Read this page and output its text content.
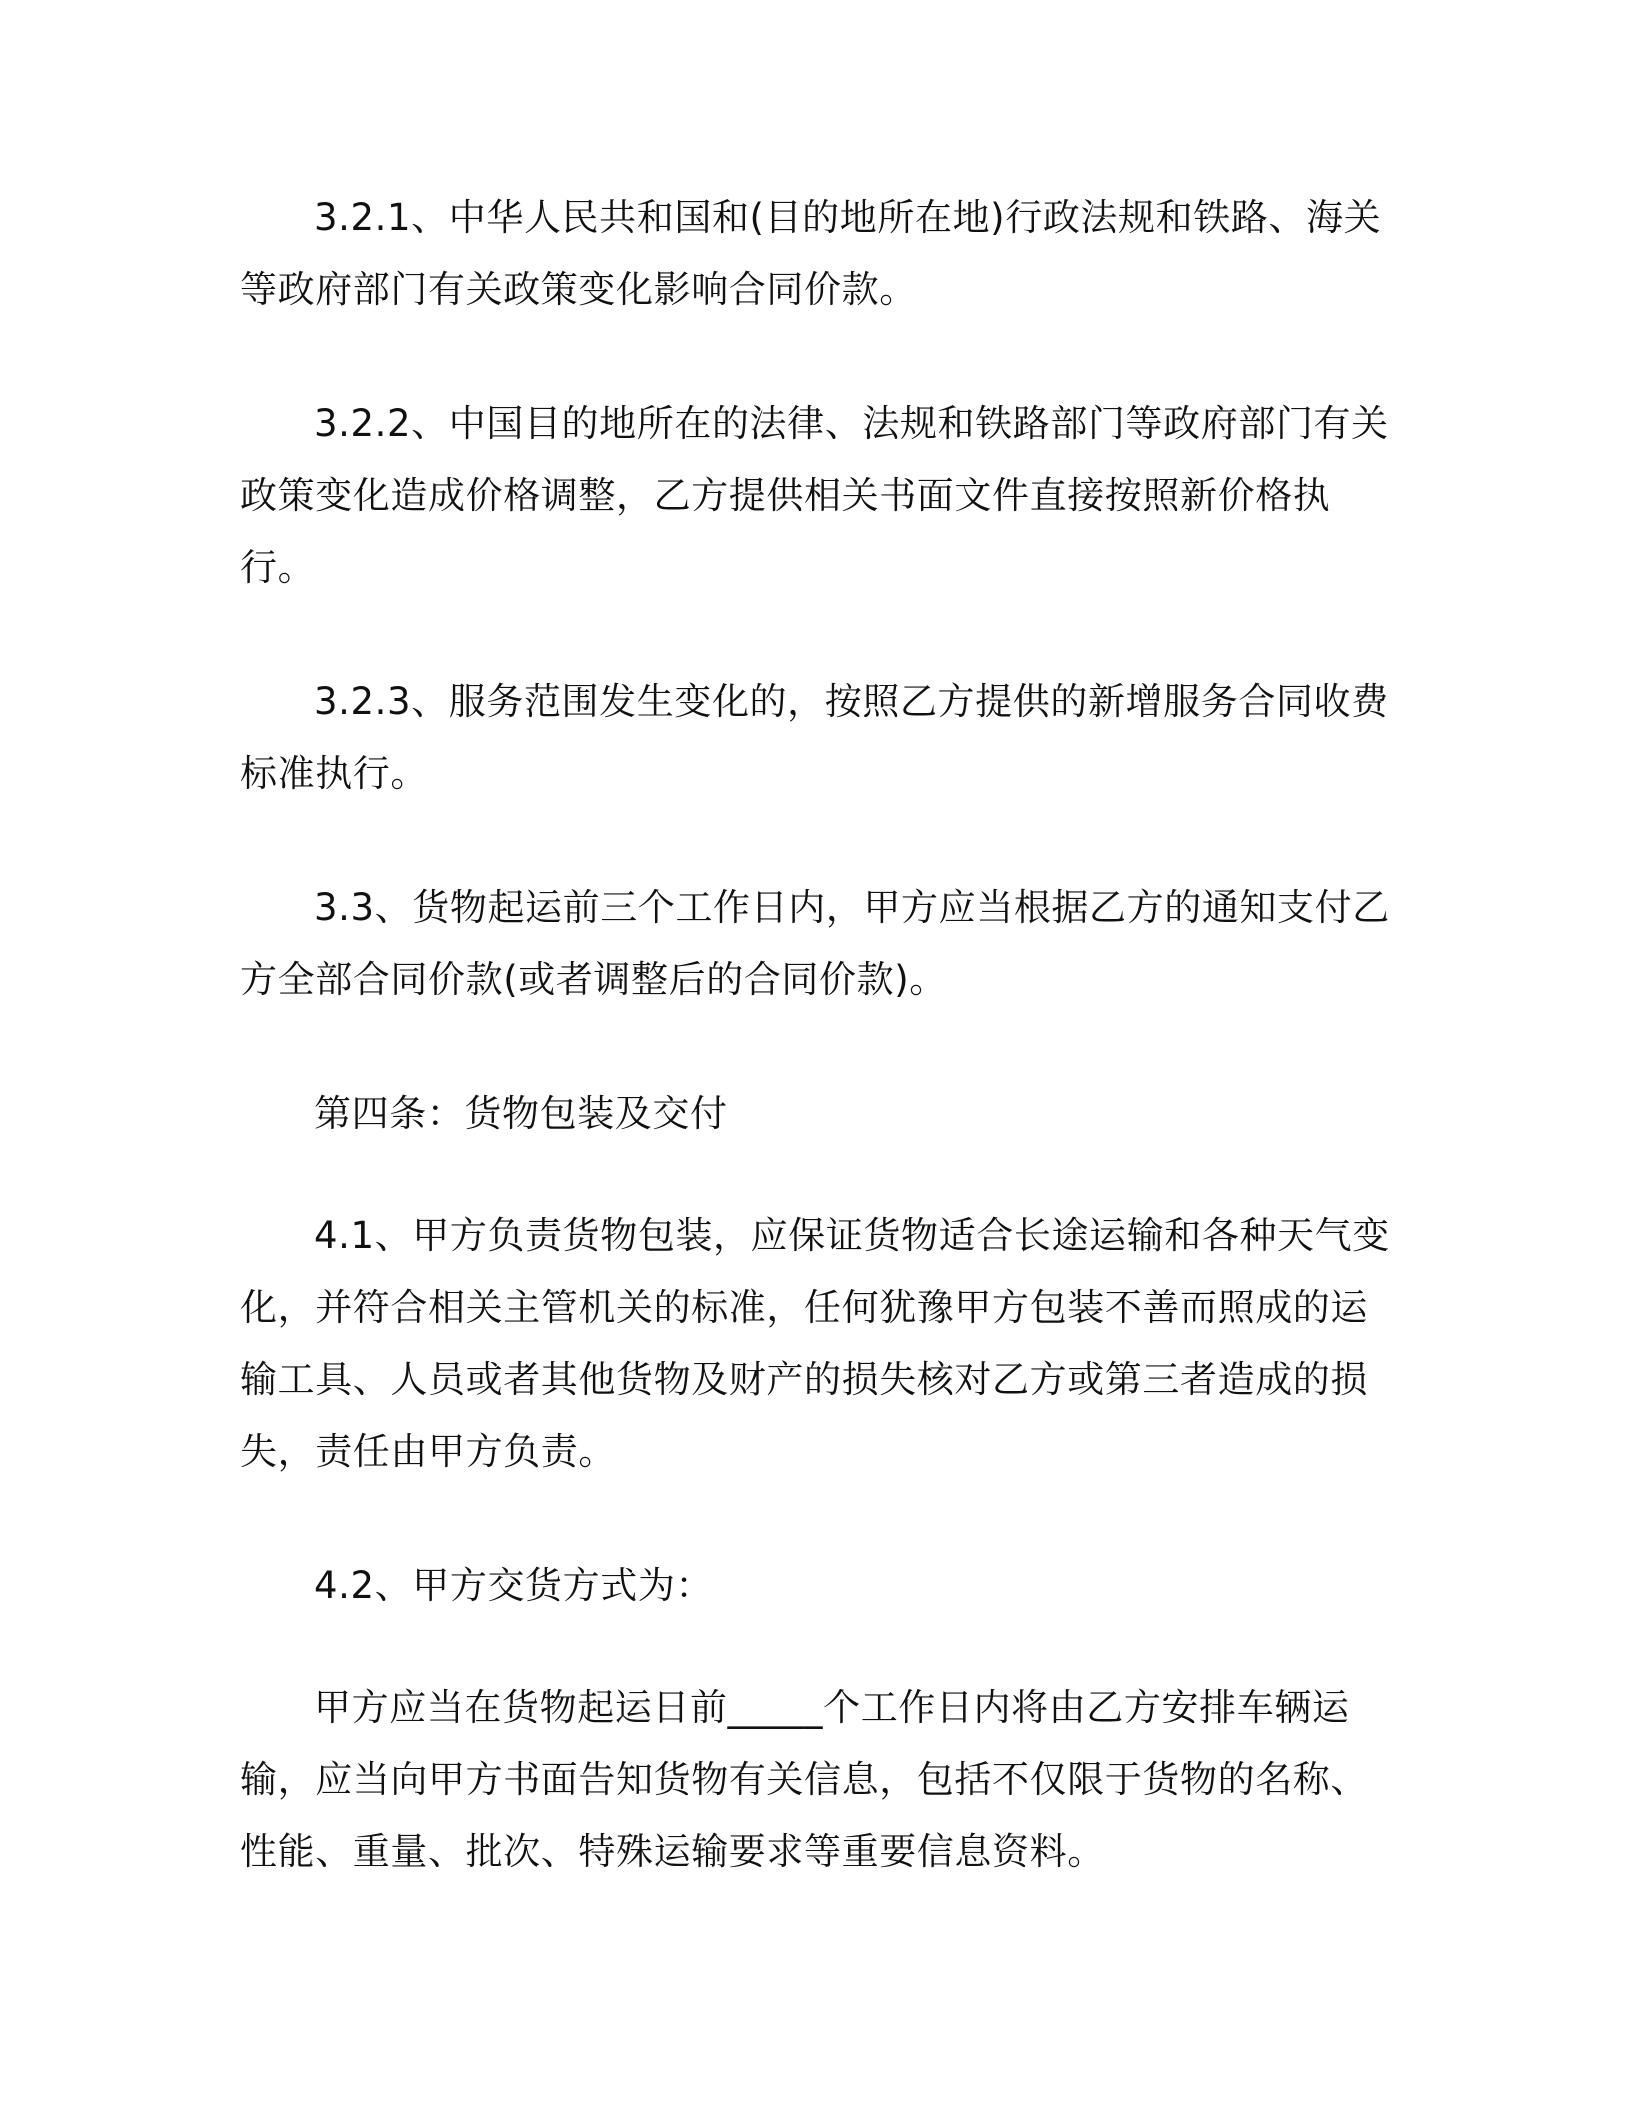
3.2.1、中华人民共和国和(目的地所在地)行政法规和铁路、海关等政府部门有关政策变化影响合同价款。

3.2.2、中国目的地所在的法律、法规和铁路部门等政府部门有关政策变化造成价格调整，乙方提供相关书面文件直接按照新价格执行。

3.2.3、服务范围发生变化的，按照乙方提供的新增服务合同收费标准执行。

3.3、货物起运前三个工作日内，甲方应当根据乙方的通知支付乙方全部合同价款(或者调整后的合同价款)。

第四条：货物包装及交付

4.1、甲方负责货物包装，应保证货物适合长途运输和各种天气变化，并符合相关主管机关的标准，任何犹豫甲方包装不善而照成的运输工具、人员或者其他货物及财产的损失核对乙方或第三者造成的损失，责任由甲方负责。

4.2、甲方交货方式为：

甲方应当在货物起运日前_____个工作日内将由乙方安排车辆运输，应当向甲方书面告知货物有关信息，包括不仅限于货物的名称、性能、重量、批次、特殊运输要求等重要信息资料。
